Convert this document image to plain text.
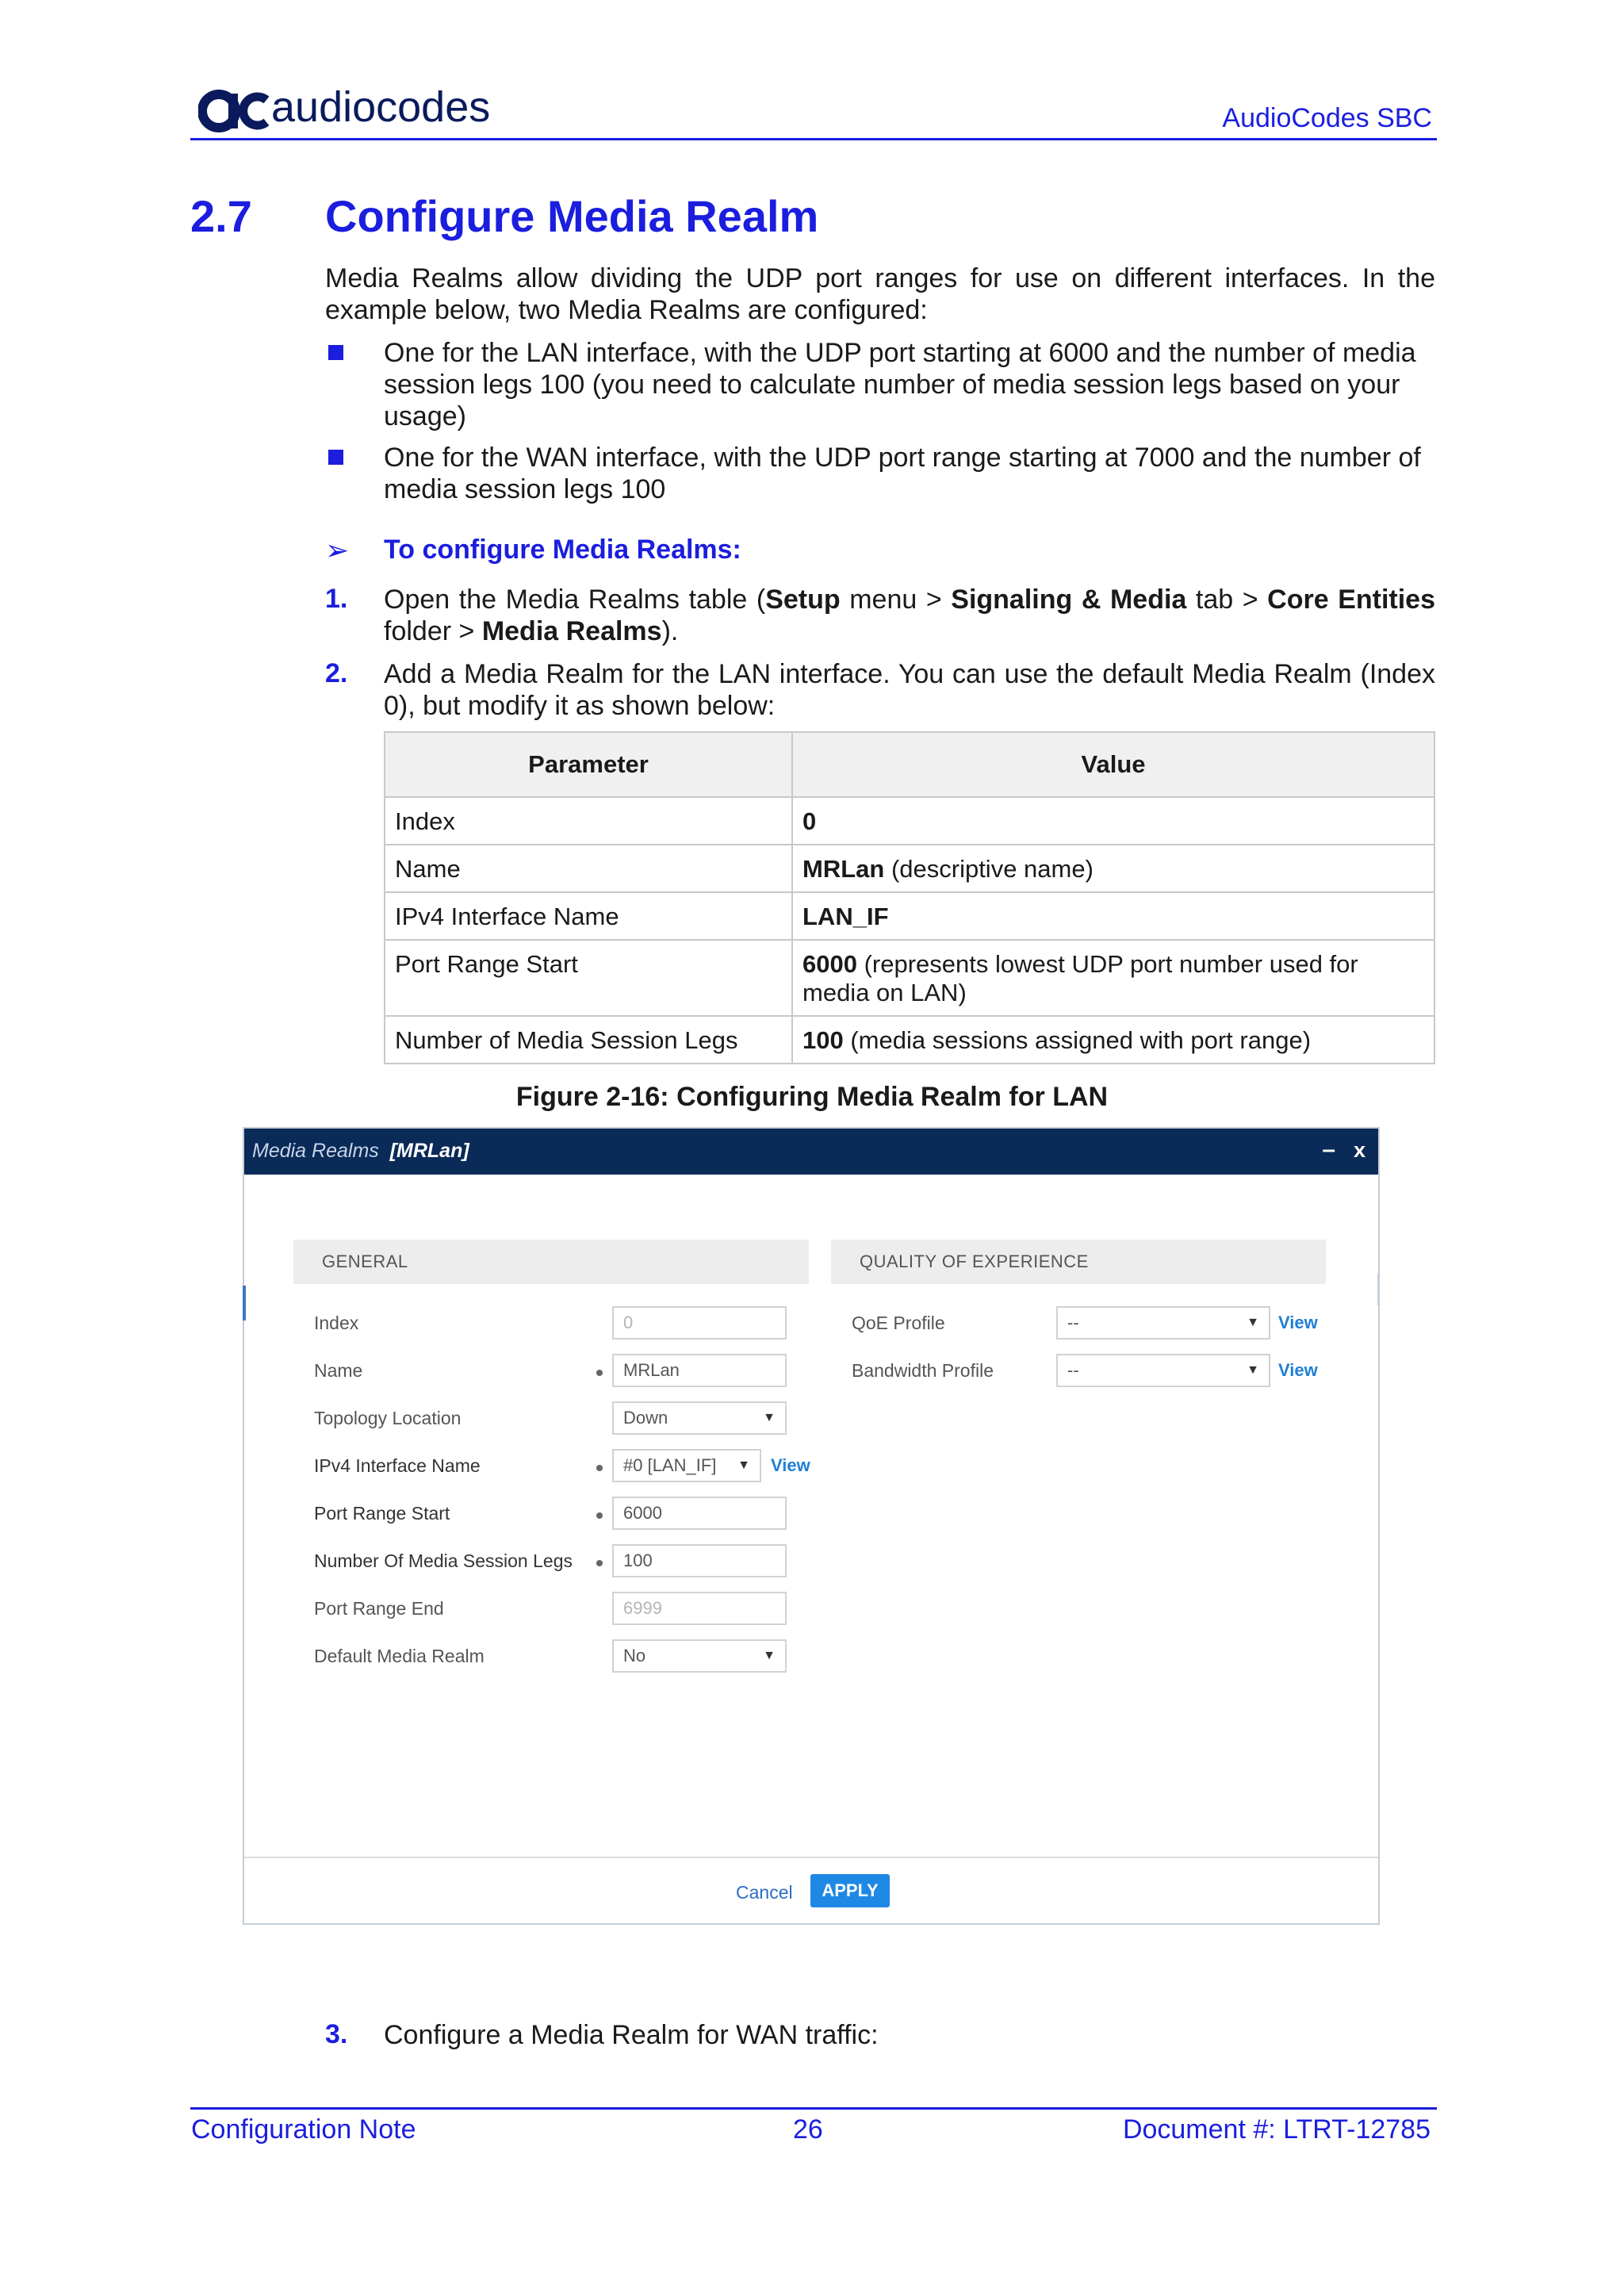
audiocodes	AudioCodes SBC
2.7 Configure Media Realm
Media Realms allow dividing the UDP port ranges for use on different interfaces. In the example below, two Media Realms are configured:
One for the LAN interface, with the UDP port starting at 6000 and the number of media session legs 100 (you need to calculate number of media session legs based on your usage)
One for the WAN interface, with the UDP port range starting at 7000 and the number of media session legs 100
➢ To configure Media Realms:
1. Open the Media Realms table (Setup menu > Signaling & Media tab > Core Entities folder > Media Realms).
2. Add a Media Realm for the LAN interface. You can use the default Media Realm (Index 0), but modify it as shown below:
Parameter	Value
Index	0
Name	MRLan (descriptive name)
IPv4 Interface Name	LAN_IF
Port Range Start	6000 (represents lowest UDP port number used for media on LAN)
Number of Media Session Legs	100 (media sessions assigned with port range)
Figure 2-16: Configuring Media Realm for LAN
Media Realms [MRLan]	– x
GENERAL	QUALITY OF EXPERIENCE
Index	0
Name	MRLan
Topology Location	Down	▼
IPv4 Interface Name	#0 [LAN_IF] ▼ View
Port Range Start	6000
Number Of Media Session Legs	100
Port Range End	6999
Default Media Realm	No	▼
QoE Profile	--	▼ View
Bandwidth Profile	--	▼ View
Cancel	APPLY
3. Configure a Media Realm for WAN traffic:
Configuration Note	26	Document #: LTRT-12785
